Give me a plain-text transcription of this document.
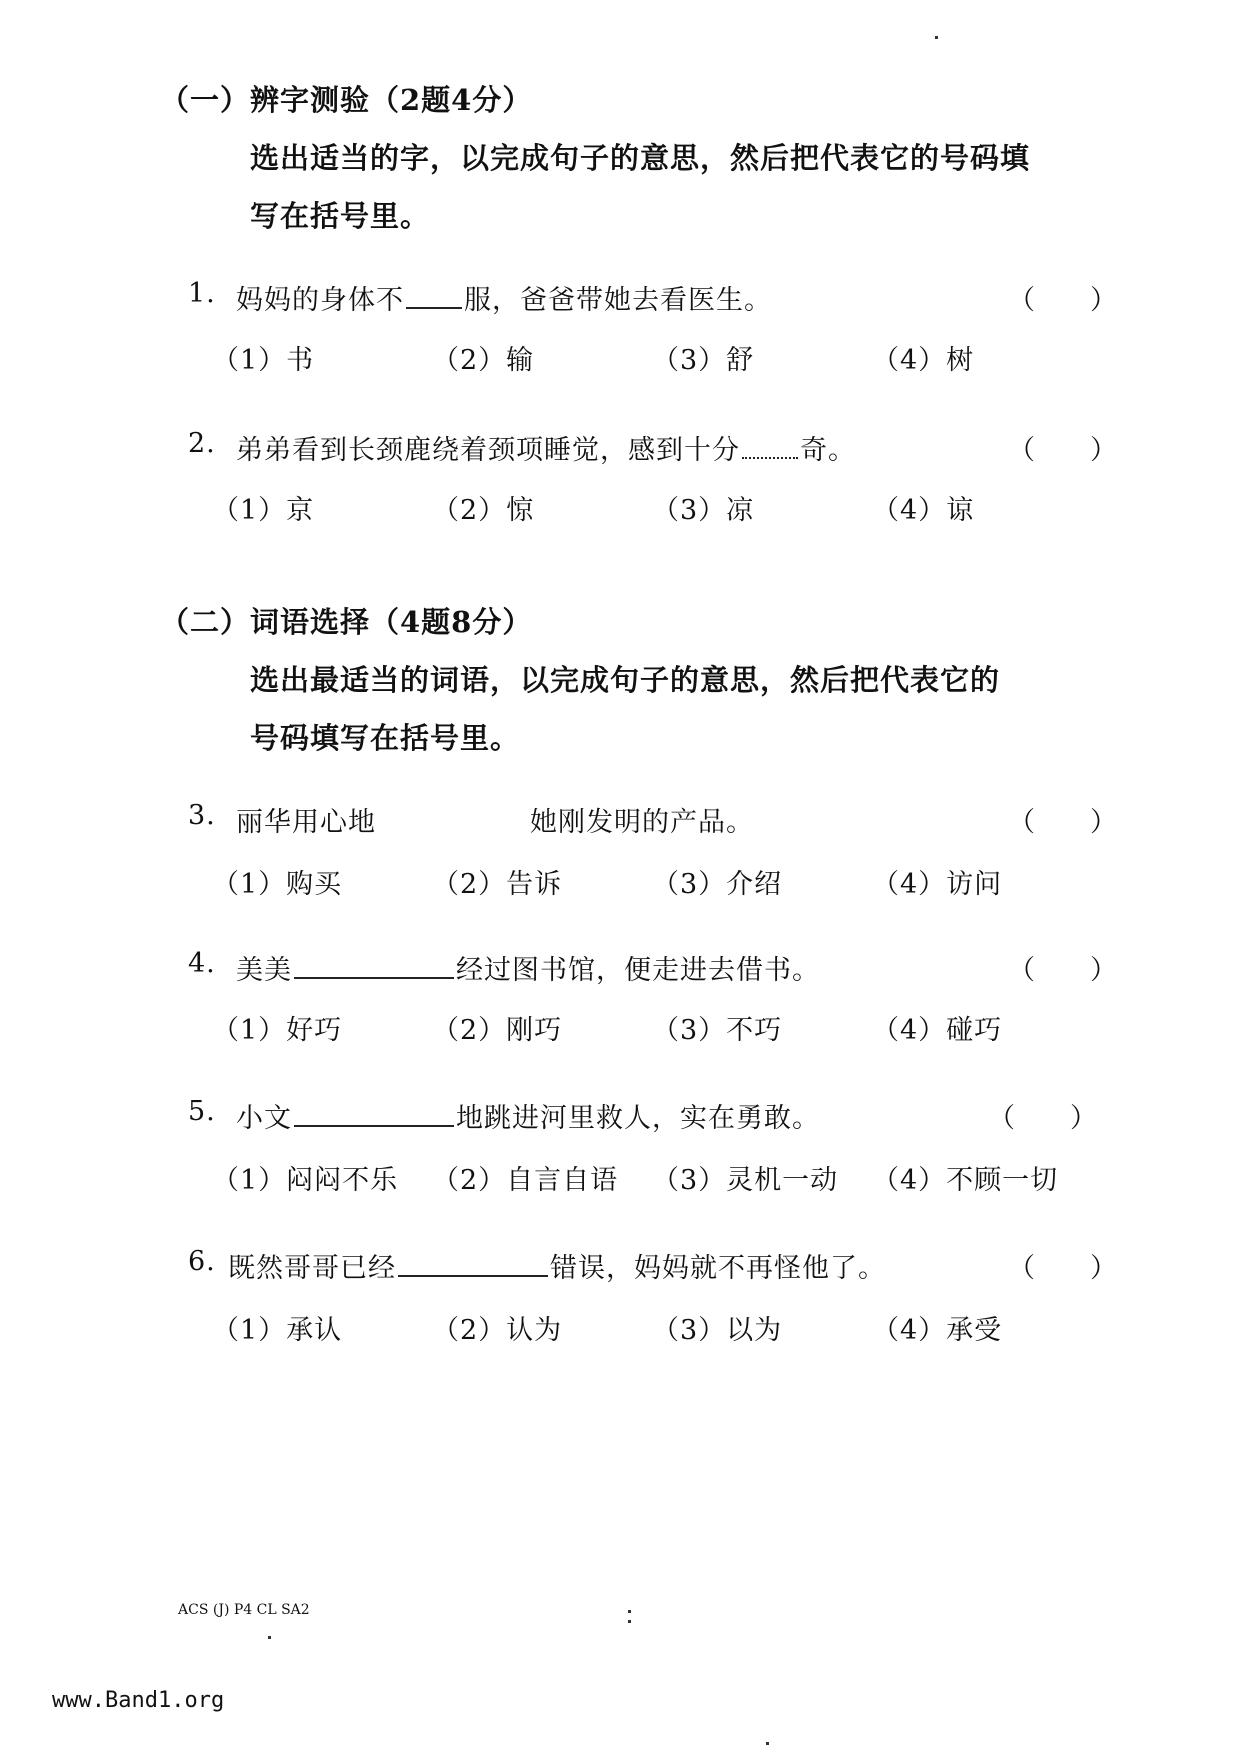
（一）辨字测验（2题4分）
选出适当的字，以完成句子的意思，然后把代表它的号码填
写在括号里。
1. 妈妈的身体不 服，爸爸带她去看医生。	（ ）
（1）书	（2）输	（3）舒	（4）树
2. 弟弟看到长颈鹿绕着颈项睡觉，感到十分 奇。	（ ）
（1）京	（2）惊	（3）凉	（4）谅
（二）词语选择（4题8分）
选出最适当的词语，以完成句子的意思，然后把代表它的
号码填写在括号里。
3. 丽华用心地	她刚发明的产品。	（ ）
（1）购买	（2）告诉	（3）介绍	（4）访问
4. 美美	经过图书馆，便走进去借书。	（ ）
（1）好巧	（2）刚巧	（3）不巧	（4）碰巧
5. 小文	地跳进河里救人，实在勇敢。	（ ）
（1）闷闷不乐 （2）自言自语 （3）灵机一动 （4）不顾一切
6. 既然哥哥已经	错误，妈妈就不再怪他了。	（ ）
（1）承认	（2）认为	（3）以为	（4）承受
ACS (J) P4 CL SA2
www.Band1.org
